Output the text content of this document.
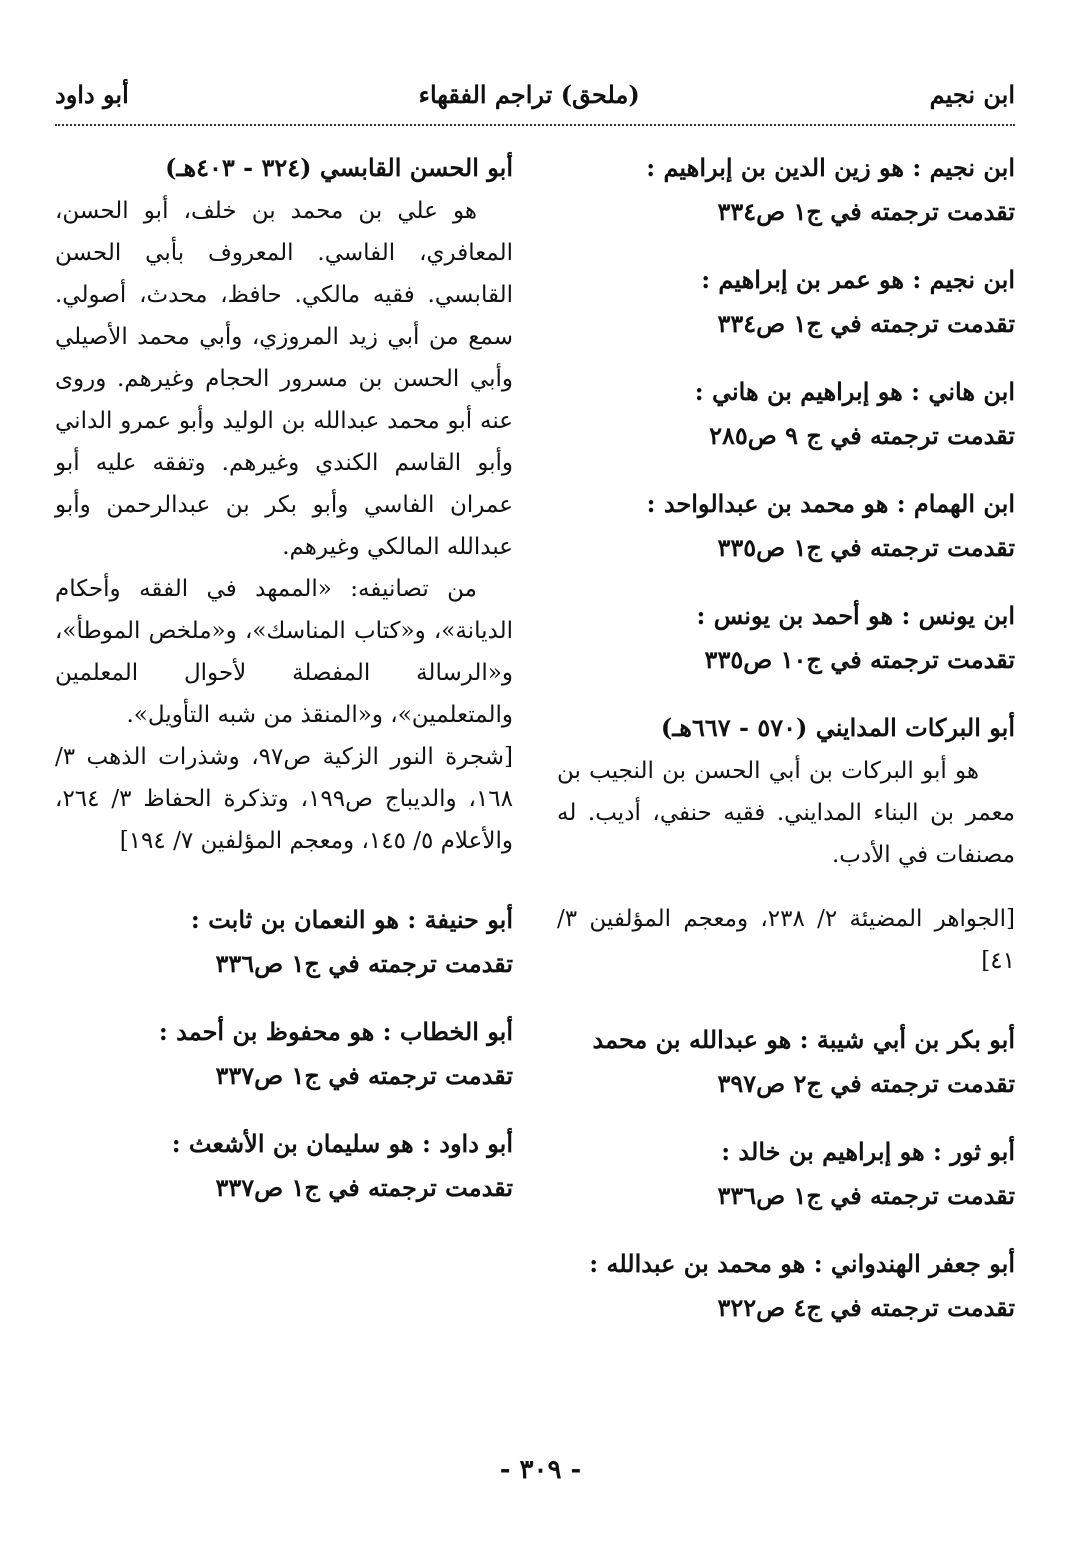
ابن نجيم
(ملحق) تراجم الفقهاء
أبو داود
ابن نجيم : هو زين الدين بن إبراهيم :
تقدمت ترجمته في ج١ ص٣٣٤
ابن نجيم : هو عمر بن إبراهيم :
تقدمت ترجمته في ج١ ص٣٣٤
ابن هاني : هو إبراهيم بن هاني :
تقدمت ترجمته في ج ٩ ص٢٨٥
ابن الهمام : هو محمد بن عبدالواحد :
تقدمت ترجمته في ج١ ص٣٣٥
ابن يونس : هو أحمد بن يونس :
تقدمت ترجمته في ج١٠ ص٣٣٥
أبو البركات المدايني (٥٧٠ - ٦٦٧هـ)

هو أبو البركات بن أبي الحسن بن النجيب بن معمر بن البناء المدايني. فقيه حنفي، أديب. له مصنفات في الأدب.

[الجواهر المضيئة ٢/ ٢٣٨، ومعجم المؤلفين ٣/ ٤١]

أبو بكر بن أبي شيبة : هو عبدالله بن محمد
تقدمت ترجمته في ج٢ ص٣٩٧
أبو ثور : هو إبراهيم بن خالد :
تقدمت ترجمته في ج١ ص٣٣٦
أبو جعفر الهندواني : هو محمد بن عبدالله :
تقدمت ترجمته في ج٤ ص٣٢٢
أبو الحسن القابسي (٣٢٤ - ٤٠٣هـ)

هو علي بن محمد بن خلف، أبو الحسن، المعافري، الفاسي. المعروف بأبي الحسن القابسي. فقيه مالكي. حافظ، محدث، أصولي. سمع من أبي زيد المروزي، وأبي محمد الأصيلي وأبي الحسن بن مسرور الحجام وغيرهم. وروى عنه أبو محمد عبدالله بن الوليد وأبو عمرو الداني وأبو القاسم الكندي وغيرهم. وتفقه عليه أبو عمران الفاسي وأبو بكر بن عبدالرحمن وأبو عبدالله المالكي وغيرهم.

من تصانيفه: «الممهد في الفقه وأحكام الديانة»، و«كتاب المناسك»، و«ملخص الموطأ»، و«الرسالة المفصلة لأحوال المعلمين والمتعلمين»، و«المنقذ من شبه التأويل».

[شجرة النور الزكية ص٩٧، وشذرات الذهب ٣/ ١٦٨، والديباج ص١٩٩، وتذكرة الحفاظ ٣/ ٢٦٤، والأعلام ٥/ ١٤٥، ومعجم المؤلفين ٧/ ١٩٤]

أبو حنيفة : هو النعمان بن ثابت :
تقدمت ترجمته في ج١ ص٣٣٦
أبو الخطاب : هو محفوظ بن أحمد :
تقدمت ترجمته في ج١ ص٣٣٧
أبو داود : هو سليمان بن الأشعث :
تقدمت ترجمته في ج١ ص٣٣٧
- ٣٠٩ -
